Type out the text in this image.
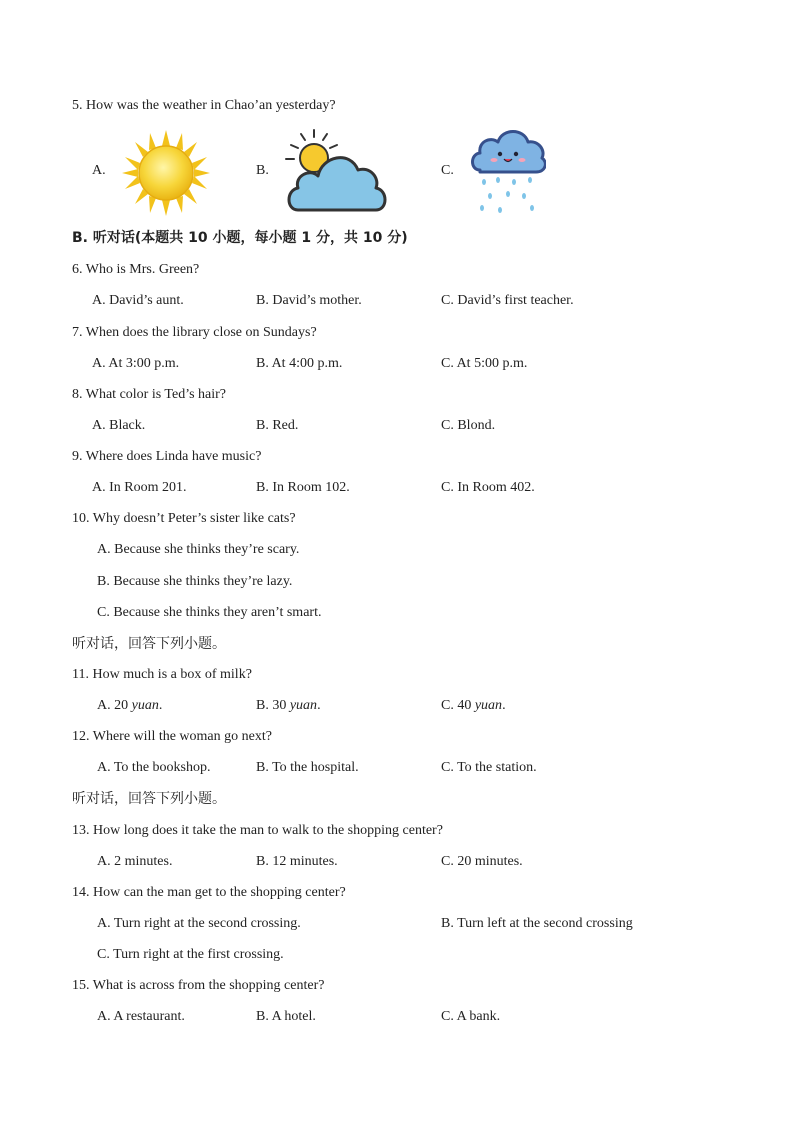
5. How was the weather in Chao’an yesterday?
A.	B.	C.
B. 听对话(本题共 10 小题，每小题 1 分，共 10 分)
6. Who is Mrs. Green?
A. David’s aunt.	B. David’s mother.	C. David’s first teacher.
7. When does the library close on Sundays?
A. At 3:00 p.m.	B. At 4:00 p.m.	C. At 5:00 p.m.
8. What color is Ted’s hair?
A. Black.	B. Red.	C. Blond.
9. Where does Linda have music?
A. In Room 201.	B. In Room 102.	C. In Room 402.
10. Why doesn’t Peter’s sister like cats?
A. Because she thinks they’re scary.
B. Because she thinks they’re lazy.
C. Because she thinks they aren’t smart.
听对话，回答下列小题。
11. How much is a box of milk?
A. 20 yuan.	B. 30 yuan.	C. 40 yuan.
12. Where will the woman go next?
A. To the bookshop.	B. To the hospital.	C. To the station.
听对话，回答下列小题。
13. How long does it take the man to walk to the shopping center?
A. 2 minutes.	B. 12 minutes.	C. 20 minutes.
14. How can the man get to the shopping center?
A. Turn right at the second crossing.	B. Turn left at the second crossing
C. Turn right at the first crossing.
15. What is across from the shopping center?
A. A restaurant.	B. A hotel.	C. A bank.
